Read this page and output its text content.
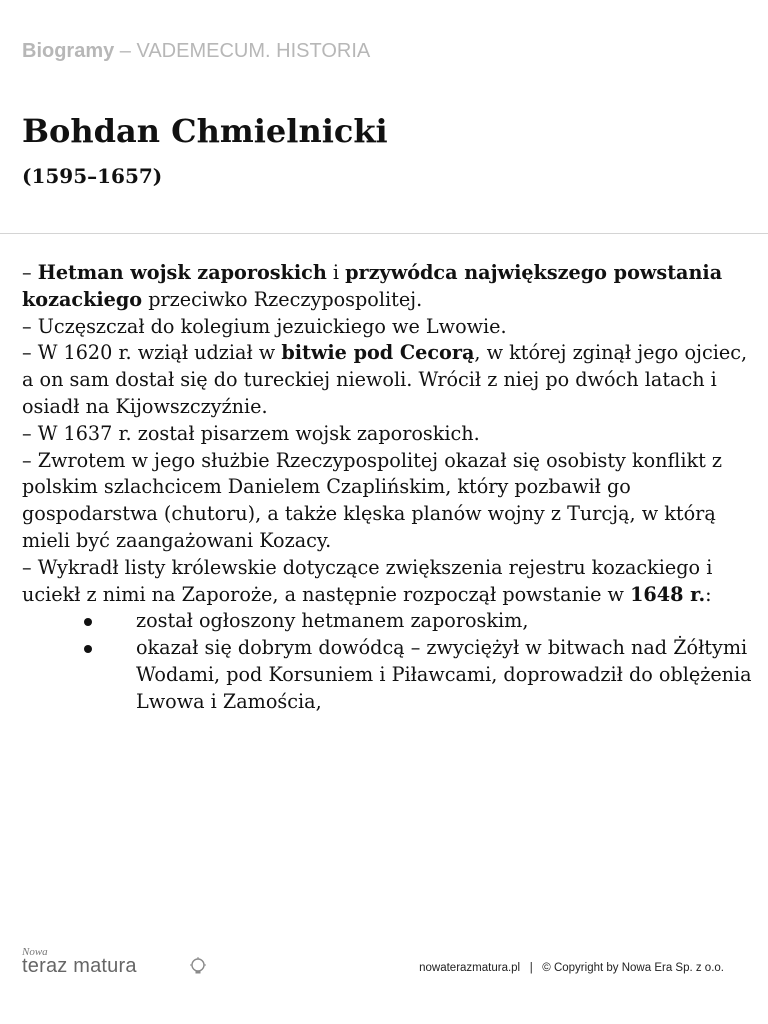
Biogramy – VADEMECUM. HISTORIA
Bohdan Chmielnicki
(1595–1657)

– Hetman wojsk zaporoskich i przywódca największego powstania kozackiego przeciwko Rzeczypospolitej.

– Uczęszczał do kolegium jezuickiego we Lwowie.

– W 1620 r. wziął udział w bitwie pod Cecorą, w której zginął jego ojciec, a on sam dostał się do tureckiej niewoli. Wrócił z niej po dwóch latach i osiadł na Kijowszczyźnie.

– W 1637 r. został pisarzem wojsk zaporoskich.

– Zwrotem w jego służbie Rzeczypospolitej okazał się osobisty konflikt z polskim szlachcicem Danielem Czaplińskim, który pozbawił go gospodarstwa (chutoru), a także klęska planów wojny z Turcją, w którą mieli być zaangażowani Kozacy.

– Wykradł listy królewskie dotyczące zwiększenia rejestru kozackiego i uciekł z nimi na Zaporoże, a następnie rozpoczął powstanie w 1648 r.:

został ogłoszony hetmanem zaporoskim,
okazał się dobrym dowódcą – zwyciężył w bitwach nad Żółtymi Wodami, pod Korsuniem i Piławcami, doprowadził do oblężenia Lwowa i Zamościa,
Nowa
teraz matura	nowaterazmatura.pl | © Copyright by Nowa Era Sp. z o.o.
